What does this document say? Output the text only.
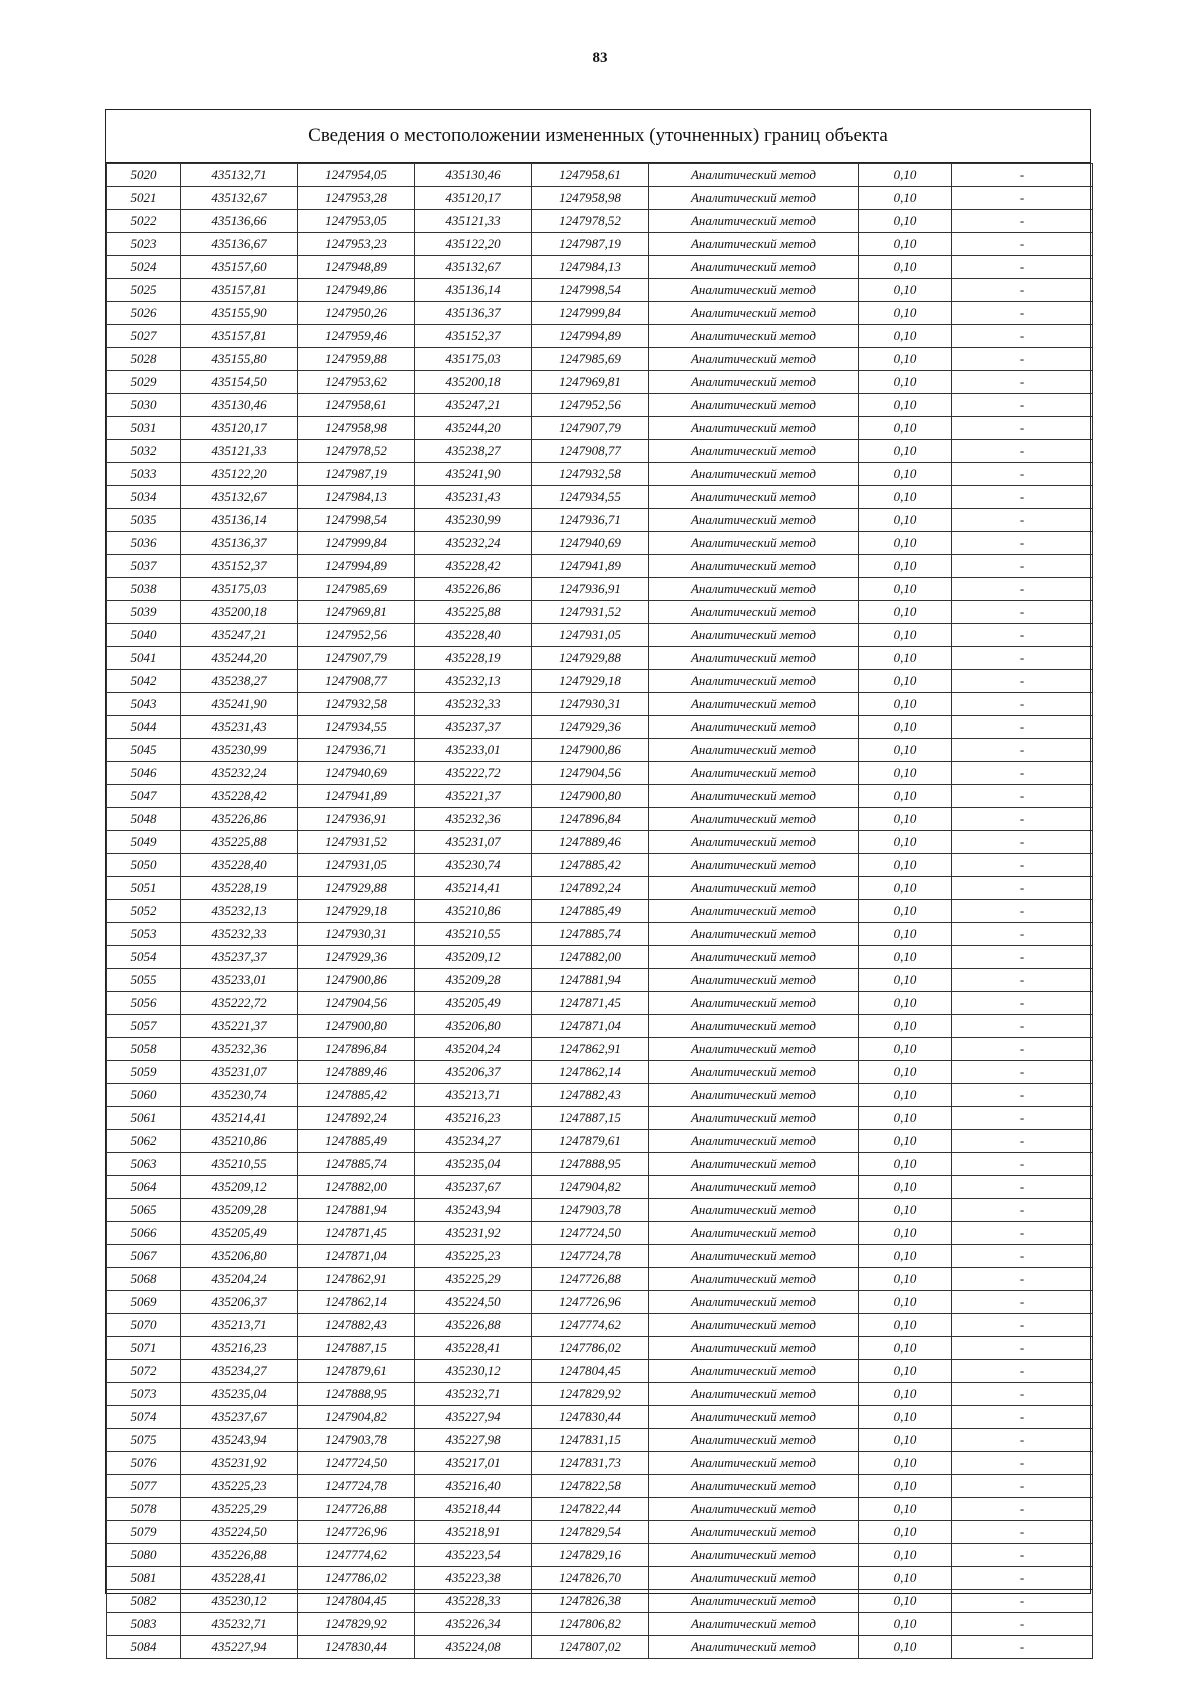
83
Сведения о местоположении измененных (уточненных) границ объекта
5020	435132,71	1247954,05	435130,46	1247958,61	Аналитический метод	0,10	-
5021	435132,67	1247953,28	435120,17	1247958,98	Аналитический метод	0,10	-
5022	435136,66	1247953,05	435121,33	1247978,52	Аналитический метод	0,10	-
5023	435136,67	1247953,23	435122,20	1247987,19	Аналитический метод	0,10	-
5024	435157,60	1247948,89	435132,67	1247984,13	Аналитический метод	0,10	-
5025	435157,81	1247949,86	435136,14	1247998,54	Аналитический метод	0,10	-
5026	435155,90	1247950,26	435136,37	1247999,84	Аналитический метод	0,10	-
5027	435157,81	1247959,46	435152,37	1247994,89	Аналитический метод	0,10	-
5028	435155,80	1247959,88	435175,03	1247985,69	Аналитический метод	0,10	-
5029	435154,50	1247953,62	435200,18	1247969,81	Аналитический метод	0,10	-
5030	435130,46	1247958,61	435247,21	1247952,56	Аналитический метод	0,10	-
5031	435120,17	1247958,98	435244,20	1247907,79	Аналитический метод	0,10	-
5032	435121,33	1247978,52	435238,27	1247908,77	Аналитический метод	0,10	-
5033	435122,20	1247987,19	435241,90	1247932,58	Аналитический метод	0,10	-
5034	435132,67	1247984,13	435231,43	1247934,55	Аналитический метод	0,10	-
5035	435136,14	1247998,54	435230,99	1247936,71	Аналитический метод	0,10	-
5036	435136,37	1247999,84	435232,24	1247940,69	Аналитический метод	0,10	-
5037	435152,37	1247994,89	435228,42	1247941,89	Аналитический метод	0,10	-
5038	435175,03	1247985,69	435226,86	1247936,91	Аналитический метод	0,10	-
5039	435200,18	1247969,81	435225,88	1247931,52	Аналитический метод	0,10	-
5040	435247,21	1247952,56	435228,40	1247931,05	Аналитический метод	0,10	-
5041	435244,20	1247907,79	435228,19	1247929,88	Аналитический метод	0,10	-
5042	435238,27	1247908,77	435232,13	1247929,18	Аналитический метод	0,10	-
5043	435241,90	1247932,58	435232,33	1247930,31	Аналитический метод	0,10	-
5044	435231,43	1247934,55	435237,37	1247929,36	Аналитический метод	0,10	-
5045	435230,99	1247936,71	435233,01	1247900,86	Аналитический метод	0,10	-
5046	435232,24	1247940,69	435222,72	1247904,56	Аналитический метод	0,10	-
5047	435228,42	1247941,89	435221,37	1247900,80	Аналитический метод	0,10	-
5048	435226,86	1247936,91	435232,36	1247896,84	Аналитический метод	0,10	-
5049	435225,88	1247931,52	435231,07	1247889,46	Аналитический метод	0,10	-
5050	435228,40	1247931,05	435230,74	1247885,42	Аналитический метод	0,10	-
5051	435228,19	1247929,88	435214,41	1247892,24	Аналитический метод	0,10	-
5052	435232,13	1247929,18	435210,86	1247885,49	Аналитический метод	0,10	-
5053	435232,33	1247930,31	435210,55	1247885,74	Аналитический метод	0,10	-
5054	435237,37	1247929,36	435209,12	1247882,00	Аналитический метод	0,10	-
5055	435233,01	1247900,86	435209,28	1247881,94	Аналитический метод	0,10	-
5056	435222,72	1247904,56	435205,49	1247871,45	Аналитический метод	0,10	-
5057	435221,37	1247900,80	435206,80	1247871,04	Аналитический метод	0,10	-
5058	435232,36	1247896,84	435204,24	1247862,91	Аналитический метод	0,10	-
5059	435231,07	1247889,46	435206,37	1247862,14	Аналитический метод	0,10	-
5060	435230,74	1247885,42	435213,71	1247882,43	Аналитический метод	0,10	-
5061	435214,41	1247892,24	435216,23	1247887,15	Аналитический метод	0,10	-
5062	435210,86	1247885,49	435234,27	1247879,61	Аналитический метод	0,10	-
5063	435210,55	1247885,74	435235,04	1247888,95	Аналитический метод	0,10	-
5064	435209,12	1247882,00	435237,67	1247904,82	Аналитический метод	0,10	-
5065	435209,28	1247881,94	435243,94	1247903,78	Аналитический метод	0,10	-
5066	435205,49	1247871,45	435231,92	1247724,50	Аналитический метод	0,10	-
5067	435206,80	1247871,04	435225,23	1247724,78	Аналитический метод	0,10	-
5068	435204,24	1247862,91	435225,29	1247726,88	Аналитический метод	0,10	-
5069	435206,37	1247862,14	435224,50	1247726,96	Аналитический метод	0,10	-
5070	435213,71	1247882,43	435226,88	1247774,62	Аналитический метод	0,10	-
5071	435216,23	1247887,15	435228,41	1247786,02	Аналитический метод	0,10	-
5072	435234,27	1247879,61	435230,12	1247804,45	Аналитический метод	0,10	-
5073	435235,04	1247888,95	435232,71	1247829,92	Аналитический метод	0,10	-
5074	435237,67	1247904,82	435227,94	1247830,44	Аналитический метод	0,10	-
5075	435243,94	1247903,78	435227,98	1247831,15	Аналитический метод	0,10	-
5076	435231,92	1247724,50	435217,01	1247831,73	Аналитический метод	0,10	-
5077	435225,23	1247724,78	435216,40	1247822,58	Аналитический метод	0,10	-
5078	435225,29	1247726,88	435218,44	1247822,44	Аналитический метод	0,10	-
5079	435224,50	1247726,96	435218,91	1247829,54	Аналитический метод	0,10	-
5080	435226,88	1247774,62	435223,54	1247829,16	Аналитический метод	0,10	-
5081	435228,41	1247786,02	435223,38	1247826,70	Аналитический метод	0,10	-
5082	435230,12	1247804,45	435228,33	1247826,38	Аналитический метод	0,10	-
5083	435232,71	1247829,92	435226,34	1247806,82	Аналитический метод	0,10	-
5084	435227,94	1247830,44	435224,08	1247807,02	Аналитический метод	0,10	-
